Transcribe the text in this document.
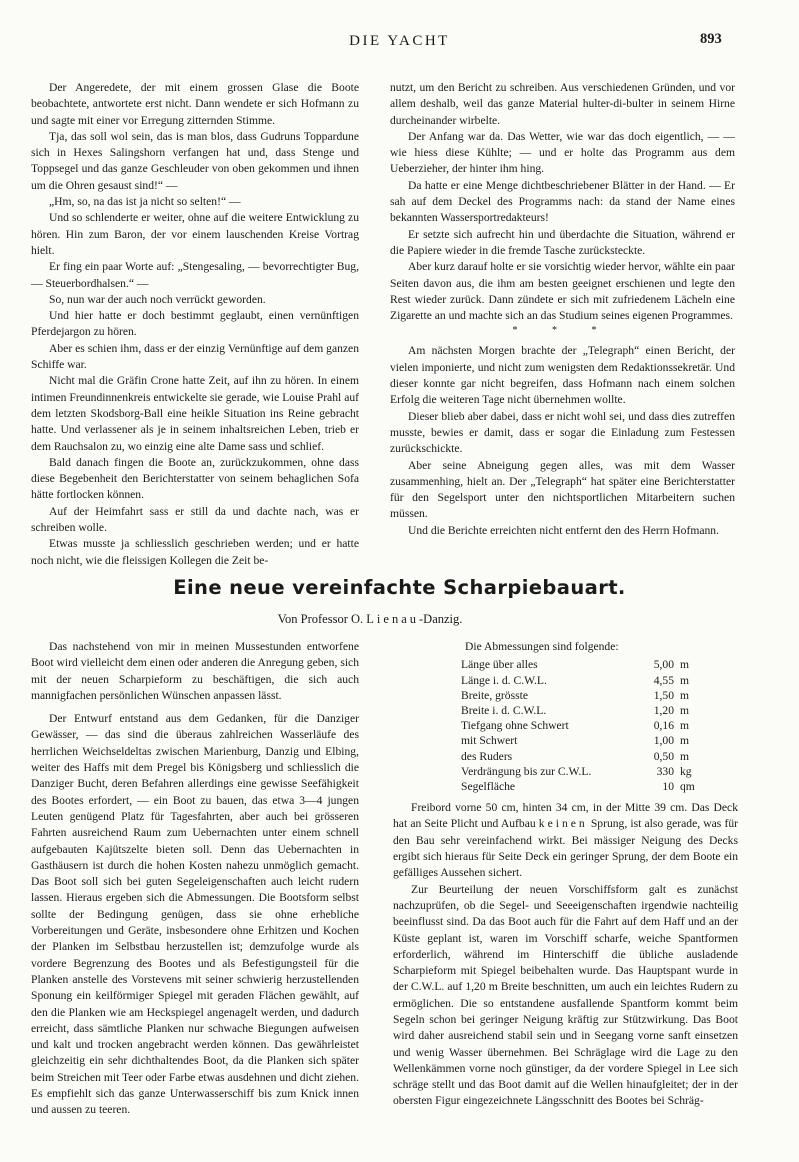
DIE YACHT	893

Der Angeredete, der mit einem grossen Glase die Boote beobachtete, antwortete erst nicht. Dann wendete er sich Hofmann zu und sagte mit einer vor Erregung zitternden Stimme.

Tja, das soll wol sein, das is man blos, dass Gudruns Toppardune sich in Hexes Salingshorn verfangen hat und, dass Stenge und Toppsegel und das ganze Geschleuder von oben gekommen und ihnen um die Ohren gesaust sind!“ —

„Hm, so, na das ist ja nicht so selten!“ —

Und so schlenderte er weiter, ohne auf die weitere Entwicklung zu hören. Hin zum Baron, der vor einem lauschenden Kreise Vortrag hielt.

Er fing ein paar Worte auf: „Stengesaling, — bevorrechtigter Bug, — Steuerbordhalsen.“ —

So, nun war der auch noch verrückt geworden.

Und hier hatte er doch bestimmt geglaubt, einen vernünftigen Pferdejargon zu hören.

Aber es schien ihm, dass er der einzig Vernünftige auf dem ganzen Schiffe war.

Nicht mal die Gräfin Crone hatte Zeit, auf ihn zu hören. In einem intimen Freundinnenkreis entwickelte sie gerade, wie Louise Prahl auf dem letzten Skodsborg-Ball eine heikle Situation ins Reine gebracht hatte. Und verlassener als je in seinem inhaltsreichen Leben, trieb er dem Rauchsalon zu, wo einzig eine alte Dame sass und schlief.

Bald danach fingen die Boote an, zurückzukommen, ohne dass diese Begebenheit den Berichterstatter von seinem behaglichen Sofa hätte fortlocken können.

Auf der Heimfahrt sass er still da und dachte nach, was er schreiben wolle.

Etwas musste ja schliesslich geschrieben werden; und er hatte noch nicht, wie die fleissigen Kollegen die Zeit be-

nutzt, um den Bericht zu schreiben. Aus verschiedenen Gründen, und vor allem deshalb, weil das ganze Material hulter-di-bulter in seinem Hirne durcheinander wirbelte.

Der Anfang war da. Das Wetter, wie war das doch eigentlich, — — wie hiess diese Kühlte; — und er holte das Programm aus dem Ueberzieher, der hinter ihm hing.

Da hatte er eine Menge dichtbeschriebener Blätter in der Hand. — Er sah auf dem Deckel des Programms nach: da stand der Name eines bekannten Wassersportredakteurs!

Er setzte sich aufrecht hin und überdachte die Situation, während er die Papiere wieder in die fremde Tasche zurücksteckte.

Aber kurz darauf holte er sie vorsichtig wieder hervor, wählte ein paar Seiten davon aus, die ihm am besten geeignet erschienen und legte den Rest wieder zurück. Dann zündete er sich mit zufriedenem Lächeln eine Zigarette an und machte sich an das Studium seines eigenen Programmes.

* * *

Am nächsten Morgen brachte der „Telegraph“ einen Bericht, der vielen imponierte, und nicht zum wenigsten dem Redaktionssekretär. Und dieser konnte gar nicht begreifen, dass Hofmann nach einem solchen Erfolg die weiteren Tage nicht übernehmen wollte.

Dieser blieb aber dabei, dass er nicht wohl sei, und dass dies zutreffen musste, bewies er damit, dass er sogar die Einladung zum Festessen zurückschickte.

Aber seine Abneigung gegen alles, was mit dem Wasser zusammenhing, hielt an. Der „Telegraph“ hat später eine Berichterstatter für den Segelsport unter den nichtsportlichen Mitarbeitern suchen müssen.

Und die Berichte erreichten nicht entfernt den des Herrn Hofmann.

Eine neue vereinfachte Scharpiebauart.
Von Professor O. Lienau-Danzig.

Das nachstehend von mir in meinen Mussestunden entworfene Boot wird vielleicht dem einen oder anderen die Anregung geben, sich mit der neuen Scharpieform zu beschäftigen, die sich auch mannigfachen persönlichen Wünschen anpassen lässt.

Der Entwurf entstand aus dem Gedanken, für die Danziger Gewässer, — das sind die überaus zahlreichen Wasserläufe des herrlichen Weichseldeltas zwischen Marienburg, Danzig und Elbing, weiter des Haffs mit dem Pregel bis Königsberg und schliesslich die Danziger Bucht, deren Befahren allerdings eine gewisse Seefähigkeit des Bootes erfordert, — ein Boot zu bauen, das etwa 3—4 jungen Leuten genügend Platz für Tagesfahrten, aber auch bei grösseren Fahrten ausreichend Raum zum Uebernachten unter einem schnell aufgebauten Kajütszelte bieten soll. Denn das Uebernachten in Gasthäusern ist durch die hohen Kosten nahezu unmöglich gemacht. Das Boot soll sich bei guten Segeleigenschaften auch leicht rudern lassen. Hieraus ergeben sich die Abmessungen. Die Bootsform selbst sollte der Bedingung genügen, dass sie ohne erhebliche Vorbereitungen und Geräte, insbesondere ohne Erhitzen und Kochen der Planken im Selbstbau herzustellen ist; demzufolge wurde als vordere Begrenzung des Bootes und als Befestigungsteil für die Planken anstelle des Vorstevens mit seiner schwierig herzustellenden Sponung ein keilförmiger Spiegel mit geraden Flächen gewählt, auf den die Planken wie am Heckspiegel angenagelt werden, und dadurch erreicht, dass sämtliche Planken nur schwache Biegungen aufweisen und kalt und trocken angebracht werden können. Das gewährleistet gleichzeitig ein sehr dichthaltendes Boot, da die Planken sich später beim Streichen mit Teer oder Farbe etwas ausdehnen und dicht ziehen. Es empfiehlt sich das ganze Unterwasserschiff bis zum Knick innen und aussen zu teeren.

Die Abmessungen sind folgende:

Länge über alles	5,00 m
Länge i. d. C.W.L.	4,55 m
Breite, grösste	1,50 m
Breite i. d. C.W.L.	1,20 m
Tiefgang ohne Schwert	0,16 m
mit Schwert	1,00 m
des Ruders	0,50 m
Verdrängung bis zur C.W.L.	330 kg
Segelfläche	10 qm

Freibord vorne 50 cm, hinten 34 cm, in der Mitte 39 cm. Das Deck hat an Seite Plicht und Aufbau keinen Sprung, ist also gerade, was für den Bau sehr vereinfachend wirkt. Bei mässiger Neigung des Decks ergibt sich hieraus für Seite Deck ein geringer Sprung, der dem Boote ein gefälliges Aussehen sichert.

Zur Beurteilung der neuen Vorschiffsform galt es zunächst nachzuprüfen, ob die Segel- und Seeeigenschaften irgendwie nachteilig beeinflusst sind. Da das Boot auch für die Fahrt auf dem Haff und an der Küste geplant ist, waren im Vorschiff scharfe, weiche Spantformen erforderlich, während im Hinterschiff die übliche ausladende Scharpieform mit Spiegel beibehalten wurde. Das Hauptspant wurde in der C.W.L. auf 1,20 m Breite beschnitten, um auch ein leichtes Rudern zu ermöglichen. Die so entstandene ausfallende Spantform kommt beim Segeln schon bei geringer Neigung kräftig zur Stützwirkung. Das Boot wird daher ausreichend stabil sein und in Seegang vorne sanft einsetzen und wenig Wasser übernehmen. Bei Schräglage wird die Lage zu den Wellenkämmen vorne noch günstiger, da der vordere Spiegel in Lee sich schräge stellt und das Boot damit auf die Wellen hinaufgleitet; der in der obersten Figur eingezeichnete Längsschnitt des Bootes bei Schräg-
